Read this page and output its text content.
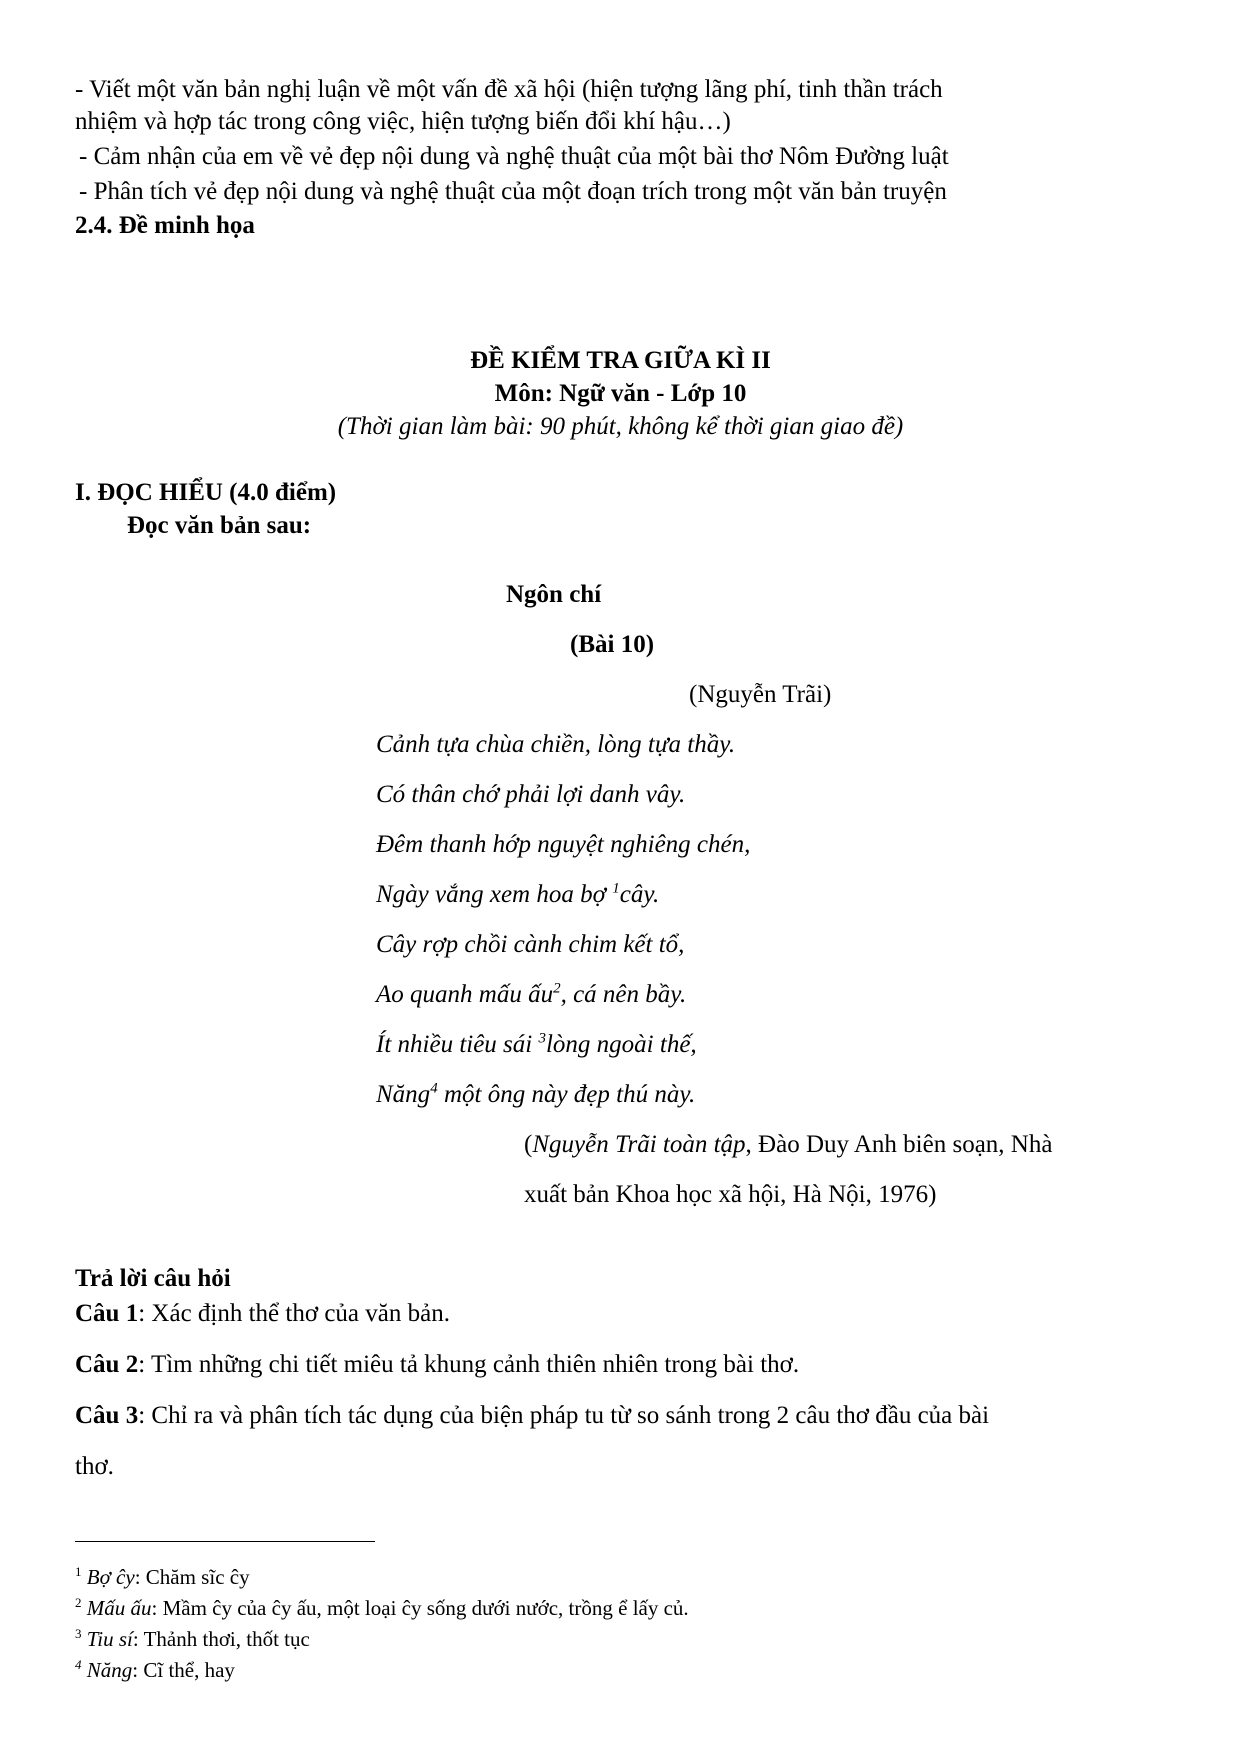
- Viết một văn bản nghị luận về một vấn đề xã hội (hiện tượng lãng phí, tinh thần trách
nhiệm và hợp tác trong công việc, hiện tượng biến đổi khí hậu…)
- Cảm nhận của em về vẻ đẹp nội dung và nghệ thuật của một bài thơ Nôm Đường luật
- Phân tích vẻ đẹp nội dung và nghệ thuật của một đoạn trích trong một văn bản truyện
2.4. Đề minh họa
ĐỀ KIỂM TRA GIỮA KÌ II
Môn: Ngữ văn - Lớp 10
(Thời gian làm bài: 90 phút, không kể thời gian giao đề)
I. ĐỌC HIỂU (4.0 điểm)
Đọc văn bản sau:
Ngôn chí
(Bài 10)
(Nguyễn Trãi)
Cảnh tựa chùa chiền, lòng tựa thầy.
Có thân chớ phải lợi danh vây.
Đêm thanh hớp nguyệt nghiêng chén,
Ngày vắng xem hoa bợ $^1$cây.
Cây rợp chồi cành chim kết tổ,
Ao quanh mấu ấu$^2$, cá nên bầy.
Ít nhiều tiêu sái $^3$lòng ngoài thế,
Năng$^4$ một ông này đẹp thú này.
(Nguyễn Trãi toàn tập, Đào Duy Anh biên soạn, Nhà
xuất bản Khoa học xã hội, Hà Nội, 1976)
Trả lời câu hỏi
Câu 1: Xác định thể thơ của văn bản.
Câu 2: Tìm những chi tiết miêu tả khung cảnh thiên nhiên trong bài thơ.
Câu 3: Chỉ ra và phân tích tác dụng của biện pháp tu từ so sánh trong 2 câu thơ đầu của bài
thơ.
$^1$ Bợ ĉy: Chăm sĩc ĉy
$^2$ Mấu ấu: Mầm ĉy của ĉy ấu, một loại ĉy sống dưới nước, trồng ể lấy củ.
$^3$ Tiu sí: Thảnh thơi, thốt tục
$^4$ Năng: Cĩ thể, hay
